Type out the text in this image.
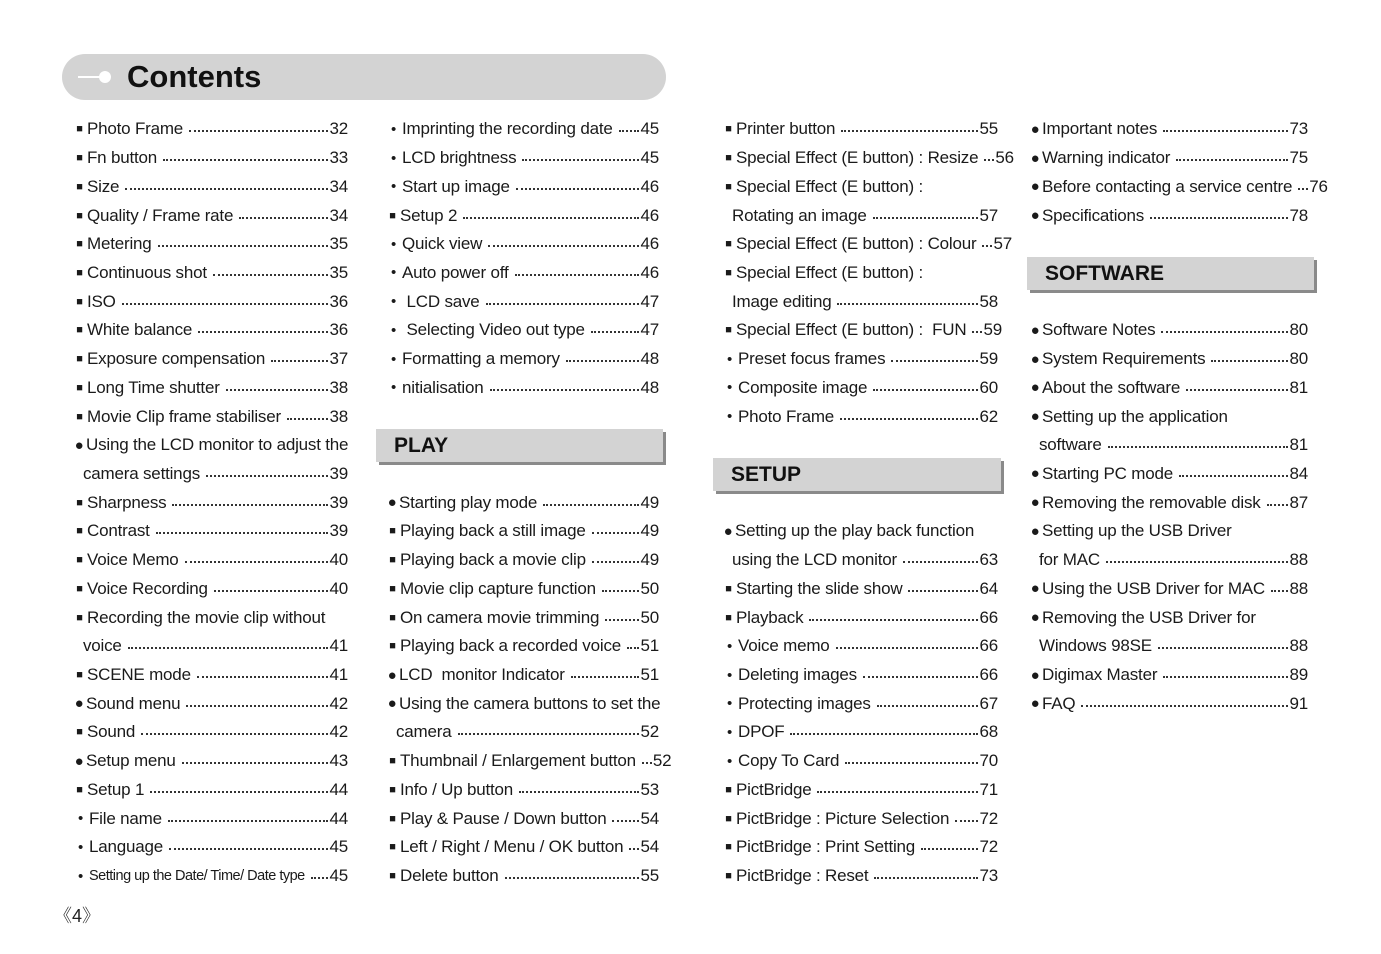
Contents
■ Photo Frame	32
■ Fn button	33
■ Size	34
■ Quality / Frame rate	34
■ Metering	35
■ Continuous shot	35
■ ISO	36
■ White balance	36
■ Exposure compensation	37
■ Long Time shutter	38
■ Movie Clip frame stabiliser	38
● Using the LCD monitor to adjust the
camera settings	39
■ Sharpness	39
■ Contrast	39
■ Voice Memo	40
■ Voice Recording	40
■ Recording the movie clip without
voice	41
■ SCENE mode	41
● Sound menu	42
■ Sound	42
● Setup menu	43
■ Setup 1	44
• File name	44
• Language	45
• Setting up the Date/ Time/ Date type 45
• Imprinting the recording date 45
• LCD brightness	45
• Start up image	46
■ Setup 2	46
• Quick view	46
• Auto power off	46
• LCD save	47
• Selecting Video out type	47
• Formatting a memory	48
• nitialisation	48
PLAY
● Starting play mode	49
■ Playing back a still image	49
■ Playing back a movie clip	49
■ Movie clip capture function	50
■ On camera movie trimming 50
■ Playing back a recorded voice 51
● LCD  monitor Indicator	51
● Using the camera buttons to set the
camera	52
■ Thumbnail / Enlargement button 52
■ Info / Up button	53
■ Play & Pause / Down button 54
■ Left / Right / Menu / OK button 54
■ Delete button	55
■ Printer button	55
■ Special Effect (E button) : Resize 56
■ Special Effect (E button) :
Rotating an image	57
■ Special Effect (E button) : Colour 57
■ Special Effect (E button) :
Image editing	58
■ Special Effect (E button) :  FUN 59
• Preset focus frames	59
• Composite image	60
• Photo Frame	62
SETUP
● Setting up the play back function
using the LCD monitor	63
■ Starting the slide show	64
■ Playback	66
• Voice memo	66
• Deleting images	66
• Protecting images	67
• DPOF	68
• Copy To Card	70
■ PictBridge	71
■ PictBridge : Picture Selection 72
■ PictBridge : Print Setting	72
■ PictBridge : Reset	73
● Important notes	73
● Warning indicator	75
● Before contacting a service centre 76
● Specifications	78
SOFTWARE
● Software Notes	80
● System Requirements	80
● About the software	81
● Setting up the application
software	81
● Starting PC mode	84
● Removing the removable disk 87
● Setting up the USB Driver
for MAC	88
● Using the USB Driver for MAC 88
● Removing the USB Driver for
Windows 98SE	88
● Digimax Master	89
● FAQ	91
《4》
